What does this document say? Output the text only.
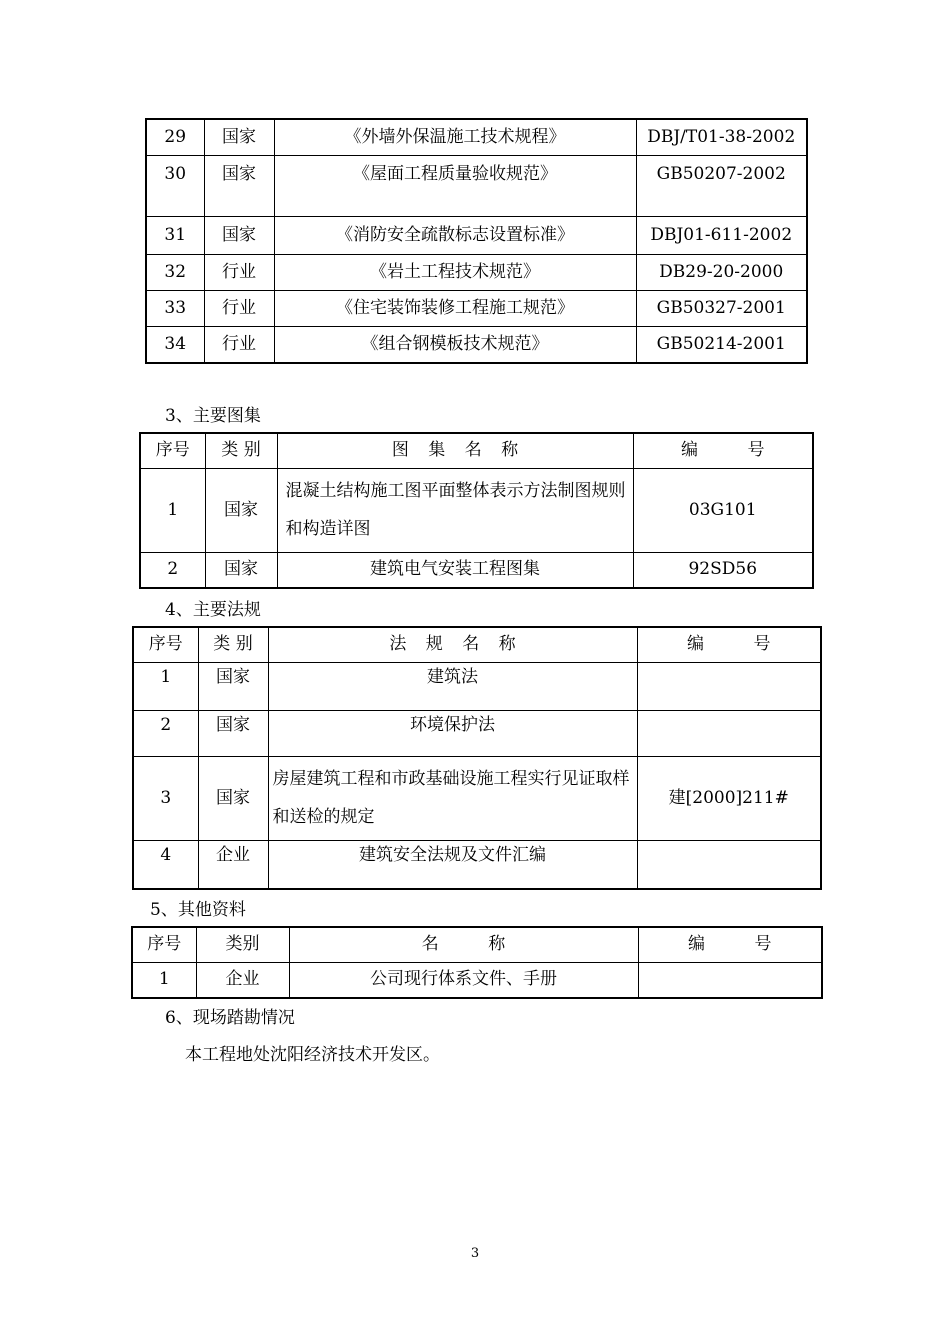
29	国家	《外墙外保温施工技术规程》	DBJ/T01-38-2002
30	国家	《屋面工程质量验收规范》	GB50207-2002
31	国家	《消防安全疏散标志设置标准》	DBJ01-611-2002
32	行业	《岩土工程技术规范》	DB29-20-2000
33	行业	《住宅装饰装修工程施工规范》	GB50327-2001
34	行业	《组合钢模板技术规范》	GB50214-2001
3、主要图集
序号	类 别	图 集 名 称	编 号
1	国家	混凝土结构施工图平面整体表示方法制图规则和构造详图	03G101
2	国家	建筑电气安装工程图集	92SD56
4、主要法规
序号	类 别	法 规 名 称	编 号
1	国家	建筑法	
2	国家	环境保护法	
3	国家	房屋建筑工程和市政基础设施工程实行见证取样和送检的规定	建[2000]211#
4	企业	建筑安全法规及文件汇编	
5、其他资料
序号	类别	名 称	编 号
1	企业	公司现行体系文件、手册	
6、现场踏勘情况
本工程地处沈阳经济技术开发区。
3
